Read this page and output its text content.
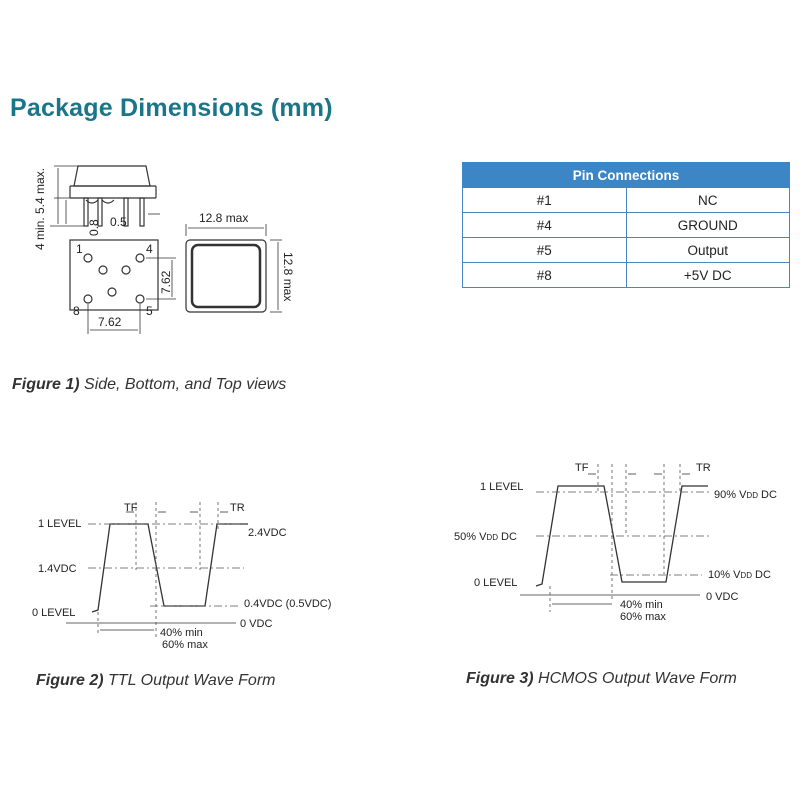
Package Dimensions (mm)
4 min. 5.4 max.	0.8 0.5	12.8 max
12.8 max
7.62
7.62
1	4
8	5
Pin Connections	
#1	NC
#4	GROUND
#5	Output
#8	+5V DC
Figure 1) Side, Bottom, and Top views
TF	TR
1 LEVEL
1.4VDC
0 LEVEL
2.4VDC
0.4VDC (0.5VDC)
0 VDC
40% min
60% max
Figure 2) TTL Output Wave Form
TF	TR
1 LEVEL
50% VDD DC
0 LEVEL
90% VDD DC
10% VDD DC
0 VDC
40% min
60% max
Figure 3) HCMOS Output Wave Form
